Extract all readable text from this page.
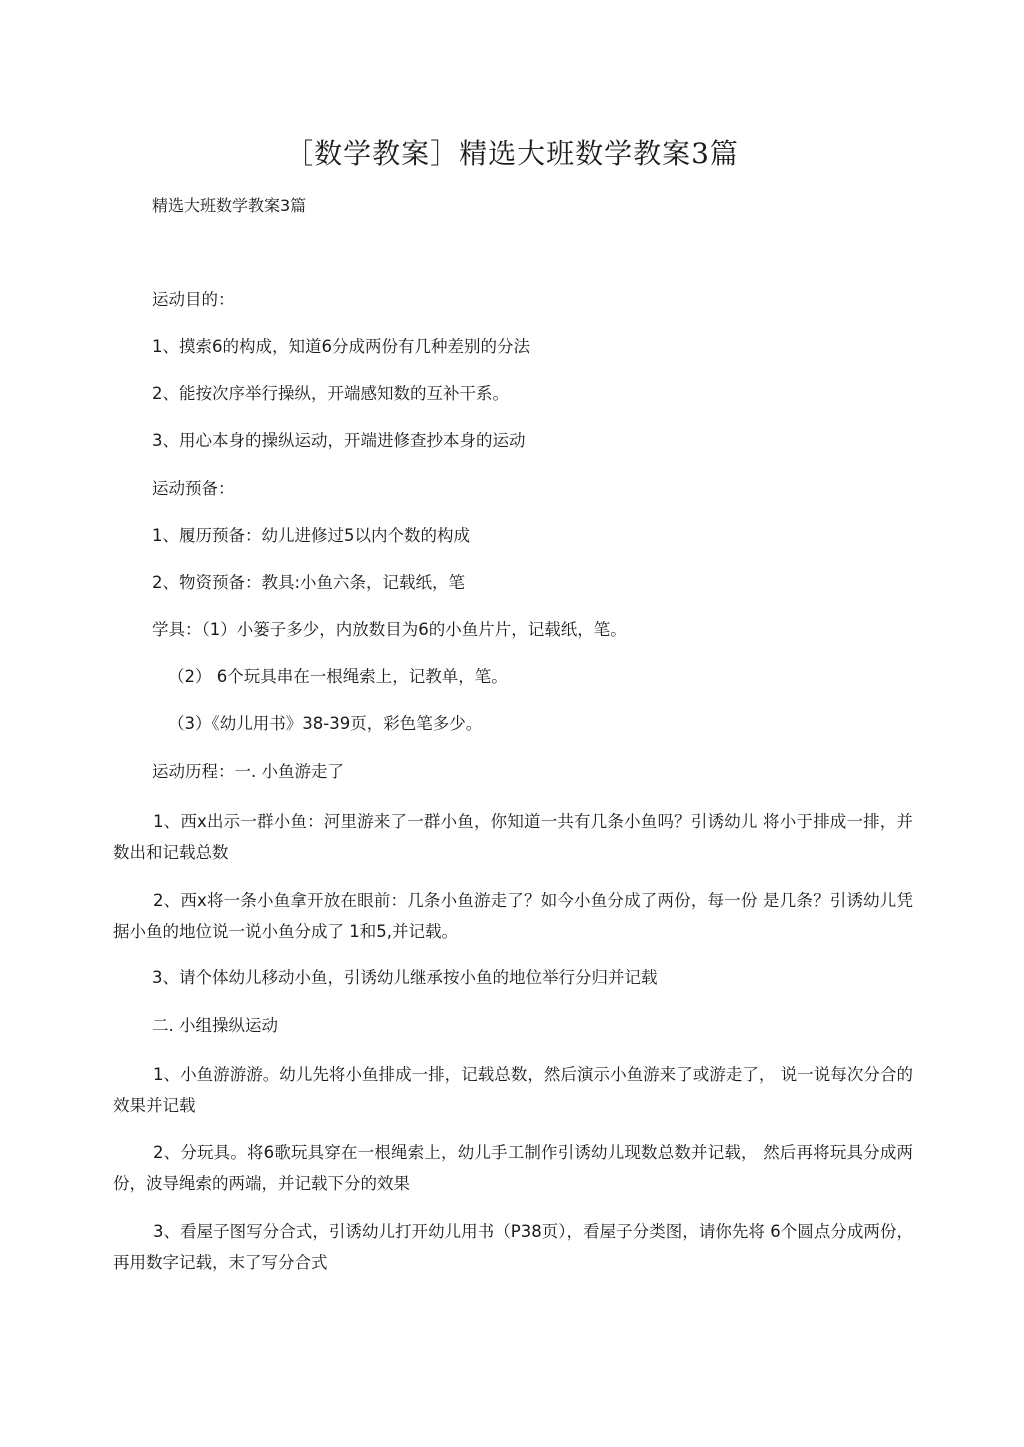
［数学教案］精选大班数学教案3篇
精选大班数学教案3篇
运动目的：
1、摸索6的构成，知道6分成两份有几种差别的分法
2、能按次序举行操纵，开端感知数的互补干系。
3、用心本身的操纵运动，开端进修查抄本身的运动
运动预备：
1、履历预备：幼儿进修过5以内个数的构成
2、物资预备：教具:小鱼六条，记载纸，笔
学具：（1）小篓子多少，内放数目为6的小鱼片片，记载纸，笔。
（2） 6个玩具串在一根绳索上，记教单，笔。
（3）《幼儿用书》38-39页，彩色笔多少。
运动历程：一. 小鱼游走了
1、西x出示一群小鱼：河里游来了一群小鱼，你知道一共有几条小鱼吗？引诱幼儿 将小于排成一排，并数出和记载总数
2、西x将一条小鱼拿开放在眼前：几条小鱼游走了？如今小鱼分成了两份，每一份 是几条？引诱幼儿凭据小鱼的地位说一说小鱼分成了 1和5,并记载。
3、请个体幼儿移动小鱼，引诱幼儿继承按小鱼的地位举行分归并记载
二. 小组操纵运动
1、小鱼游游游。幼儿先将小鱼排成一排，记载总数，然后演示小鱼游来了或游走了， 说一说每次分合的效果并记载
2、分玩具。将6歌玩具穿在一根绳索上，幼儿手工制作引诱幼儿现数总数并记载， 然后再将玩具分成两份，波导绳索的两端，并记载下分的效果
3、看屋子图写分合式，引诱幼儿打开幼儿用书（P38页），看屋子分类图，请你先将 6个圆点分成两份，再用数字记载，末了写分合式
